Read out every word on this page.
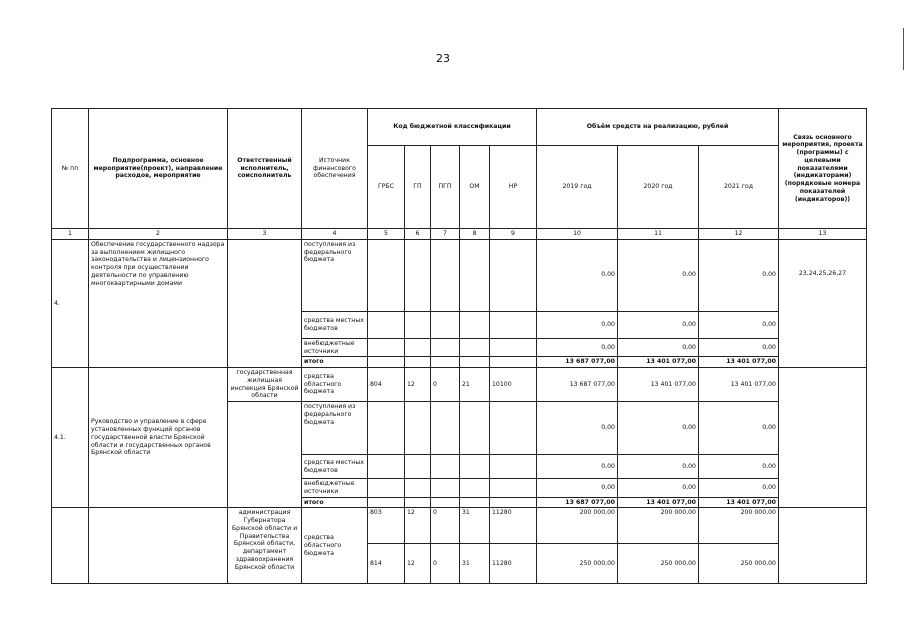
23
№ пп	Подпрограмма, основное мероприятие(проект), направление расходов, мероприятие	Ответственный исполнитель, соисполнитель	Источник финансового обеспечения	Код бюджетной классификации					Объём средств на реализацию, рублей			Связь основного мероприятия, проекта (программы) с целевыми показателями (индикаторами) (порядковые номера показателей (индикаторов))
				ГРБС	ГП	ПГП	ОМ	НР	2019 год	2020 год	2021 год	
1	2	3	4	5	6	7	8	9	10	11	12	13
4.	Обеспечение государственного надзора за выполнением жилищного законодательства и лицензионного контроля при осуществлении деятельности по управлению многоквартирными домами		поступления из федерального бюджета						0,00	0,00	0,00	23,24,25,26,27
			средства местных бюджетов						0,00	0,00	0,00	
			внебюджетные источники						0,00	0,00	0,00	
			итого						13 687 077,00	13 401 077,00	13 401 077,00	
4.1.	Руководство и управление в сфере установленных функций органов государственной власти Брянской области и государственных органов Брянской области	государственная жилищная инспекция Брянской области	средства областного бюджета	804	12	0	21	10100	13 687 077,00	13 401 077,00	13 401 077,00	
			поступления из федерального бюджета						0,00	0,00	0,00	
			средства местных бюджетов						0,00	0,00	0,00	
			внебюджетные источники						0,00	0,00	0,00	
			итого						13 687 077,00	13 401 077,00	13 401 077,00	
		администрация Губернатора Брянской области и Правительства Брянской области, департамент здравоохранения Брянской области	средства областного бюджета	803	12	0	31	11280	200 000,00	200 000,00	200 000,00	
				814	12	0	31	11280	250 000,00	250 000,00	250 000,00	
